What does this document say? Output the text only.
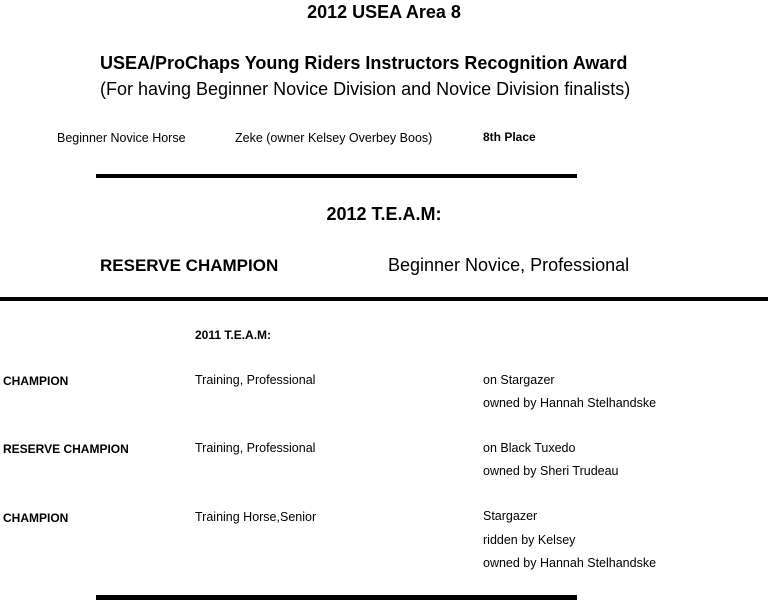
2012 USEA Area 8
USEA/ProChaps Young Riders Instructors Recognition Award
(For having Beginner Novice Division and Novice Division finalists)
Beginner Novice Horse	Zeke (owner Kelsey Overbey Boos)	8th Place
2012 T.E.A.M:
RESERVE CHAMPION	Beginner Novice, Professional
2011 T.E.A.M:
CHAMPION	Training, Professional	on Stargazer
owned by Hannah Stelhandske
RESERVE CHAMPION	Training, Professional	on Black Tuxedo
owned by Sheri Trudeau
CHAMPION	Training Horse,Senior	Stargazer
ridden by Kelsey
owned by Hannah Stelhandske
